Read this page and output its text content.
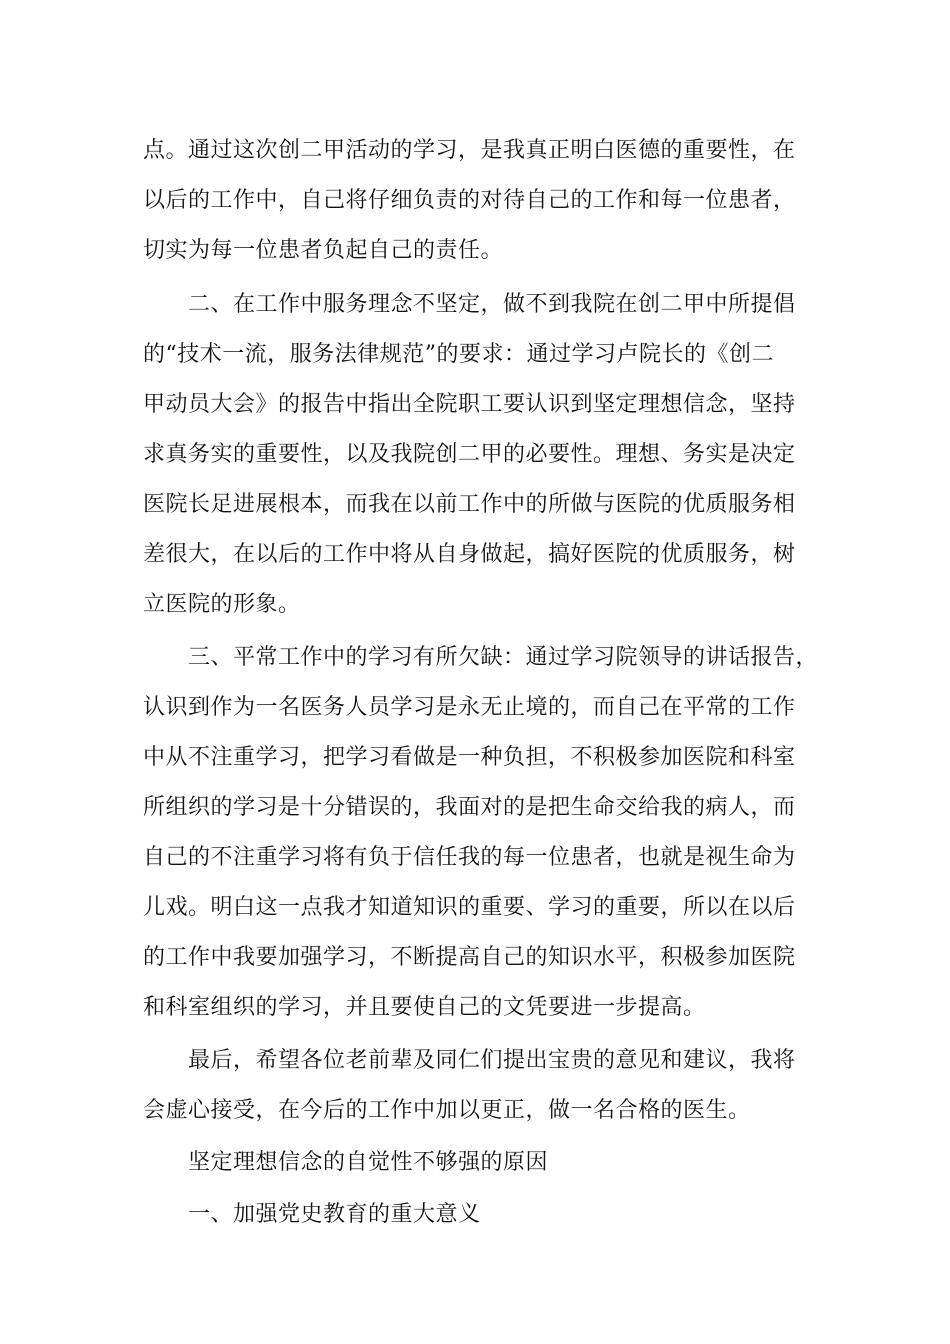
点。通过这次创二甲活动的学习，是我真正明白医德的重要性，在
以后的工作中，自己将仔细负责的对待自己的工作和每一位患者，
切实为每一位患者负起自己的责任。
二、在工作中服务理念不坚定，做不到我院在创二甲中所提倡
的“技术一流，服务法律规范”的要求：通过学习卢院长的《创二
甲动员大会》的报告中指出全院职工要认识到坚定理想信念，坚持
求真务实的重要性，以及我院创二甲的必要性。理想、务实是决定
医院长足进展根本，而我在以前工作中的所做与医院的优质服务相
差很大，在以后的工作中将从自身做起，搞好医院的优质服务，树
立医院的形象。
三、平常工作中的学习有所欠缺：通过学习院领导的讲话报告，
认识到作为一名医务人员学习是永无止境的，而自己在平常的工作
中从不注重学习，把学习看做是一种负担，不积极参加医院和科室
所组织的学习是十分错误的，我面对的是把生命交给我的病人，而
自己的不注重学习将有负于信任我的每一位患者，也就是视生命为
儿戏。明白这一点我才知道知识的重要、学习的重要，所以在以后
的工作中我要加强学习，不断提高自己的知识水平，积极参加医院
和科室组织的学习，并且要使自己的文凭要进一步提高。
最后，希望各位老前辈及同仁们提出宝贵的意见和建议，我将
会虚心接受，在今后的工作中加以更正，做一名合格的医生。
坚定理想信念的自觉性不够强的原因
一、加强党史教育的重大意义
